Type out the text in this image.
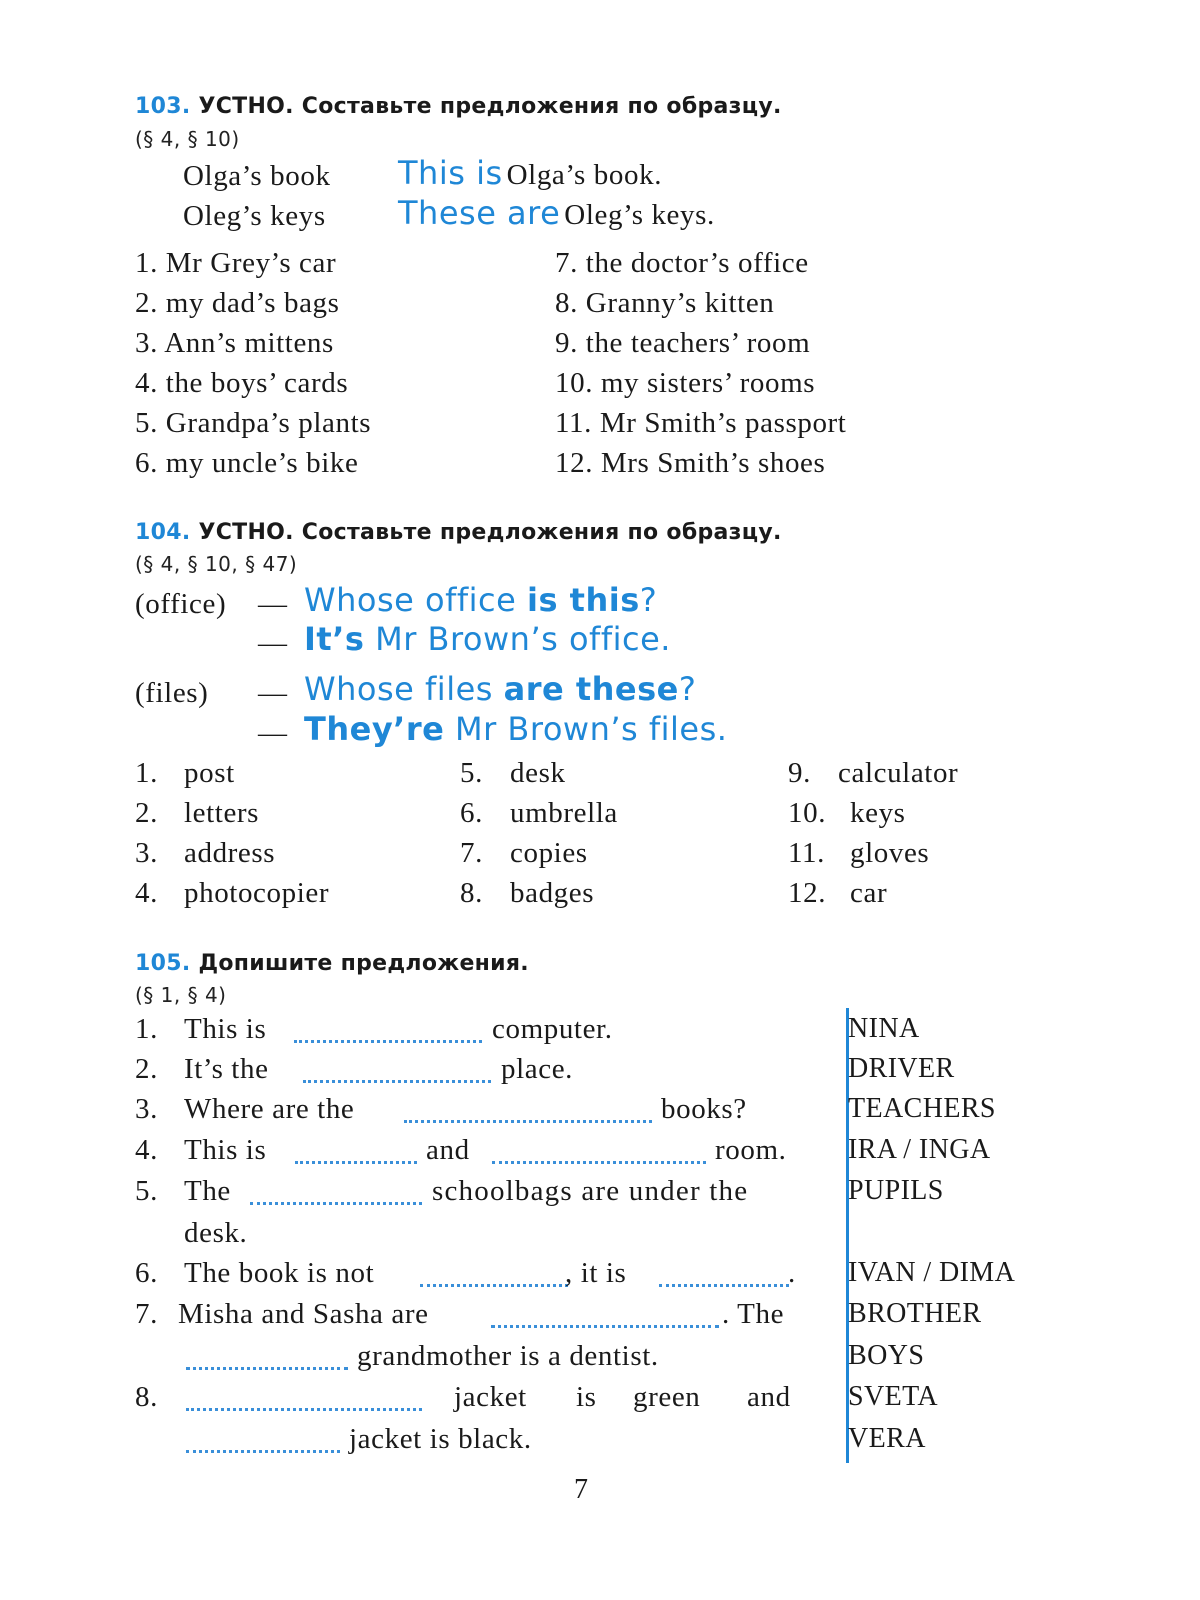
103. УСТНО. Составьте предложения по образцу.
(§ 4, § 10)
Olga’s book This is Olga’s book.
Oleg’s keys These are Oleg’s keys.
1. Mr Grey’s car
2. my dad’s bags
3. Ann’s mittens
4. the boys’ cards
5. Grandpa’s plants
6. my uncle’s bike
7. the doctor’s office
8. Granny’s kitten
9. the teachers’ room
10. my sisters’ rooms
11. Mr Smith’s passport
12. Mrs Smith’s shoes
104. УСТНО. Составьте предложения по образцу.
(§ 4, § 10, § 47)
(office) — Whose office is this?
— It’s Mr Brown’s office.
(files) — Whose files are these?
— They’re Mr Brown’s files.
1. post
2. letters
3. address
4. photocopier
5. desk
6. umbrella
7. copies
8. badges
9. calculator
10. keys
11. gloves
12. car
105. Допишите предложения.
(§ 1, § 4)
1. This is	computer.
2. It’s the	place.
3. Where are the	books?
4. This is	and	room.
5. The	schoolbags are under the
desk.
6. The book is not	, it is	.
7. Misha and Sasha are	. The
grandmother is a dentist.
8.	jacket is green and
jacket is black.
NINA
DRIVER
TEACHERS
IRA / INGA
PUPILS
IVAN / DIMA
BROTHER
BOYS
SVETA
VERA
7
